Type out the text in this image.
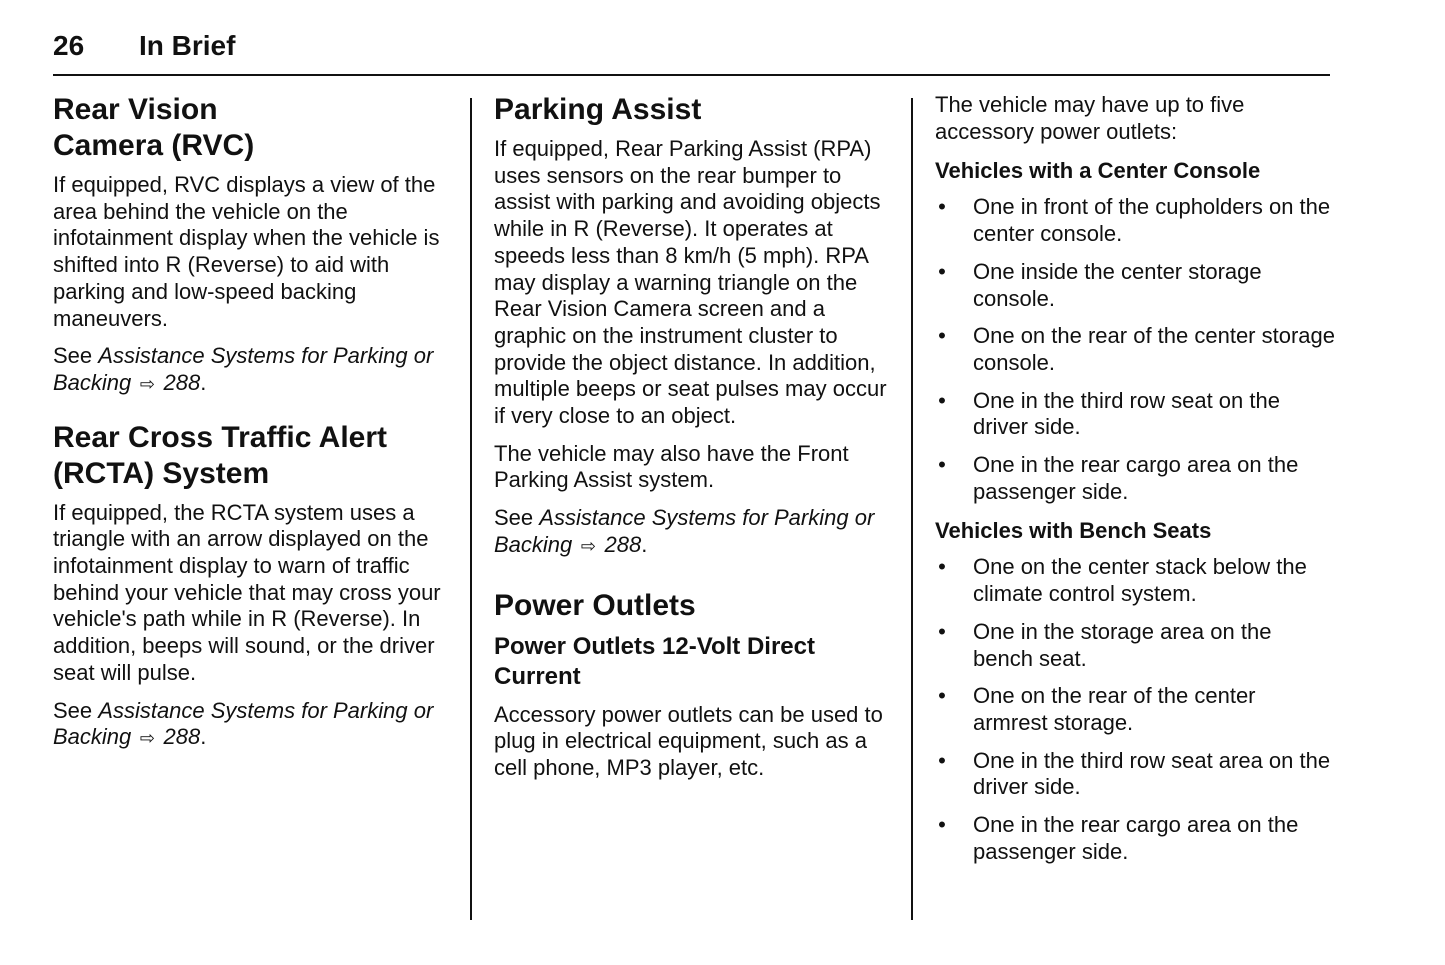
26 In Brief
Rear Vision
Camera (RVC)

If equipped, RVC displays a view of the area behind the vehicle on the infotainment display when the vehicle is shifted into R (Reverse) to aid with parking and low-speed backing maneuvers.

See Assistance Systems for Parking or Backing ⇨ 288.

Rear Cross Traffic Alert
(RCTA) System

If equipped, the RCTA system uses a triangle with an arrow displayed on the infotainment display to warn of traffic behind your vehicle that may cross your vehicle's path while in R (Reverse). In addition, beeps will sound, or the driver seat will pulse.

See Assistance Systems for Parking or Backing ⇨ 288.

Parking Assist

If equipped, Rear Parking Assist (RPA) uses sensors on the rear bumper to assist with parking and avoiding objects while in R (Reverse). It operates at speeds less than 8 km/h (5 mph). RPA may display a warning triangle on the Rear Vision Camera screen and a graphic on the instrument cluster to provide the object distance. In addition, multiple beeps or seat pulses may occur if very close to an object.

The vehicle may also have the Front Parking Assist system.

See Assistance Systems for Parking or Backing ⇨ 288.

Power Outlets
Power Outlets 12-Volt Direct Current

Accessory power outlets can be used to plug in electrical equipment, such as a cell phone, MP3 player, etc.

The vehicle may have up to five accessory power outlets:

Vehicles with a Center Console
• One in front of the cupholders on the center console.
• One inside the center storage console.
• One on the rear of the center storage console.
• One in the third row seat on the driver side.
• One in the rear cargo area on the passenger side.
Vehicles with Bench Seats
• One on the center stack below the climate control system.
• One in the storage area on the bench seat.
• One on the rear of the center armrest storage.
• One in the third row seat area on the driver side.
• One in the rear cargo area on the passenger side.
